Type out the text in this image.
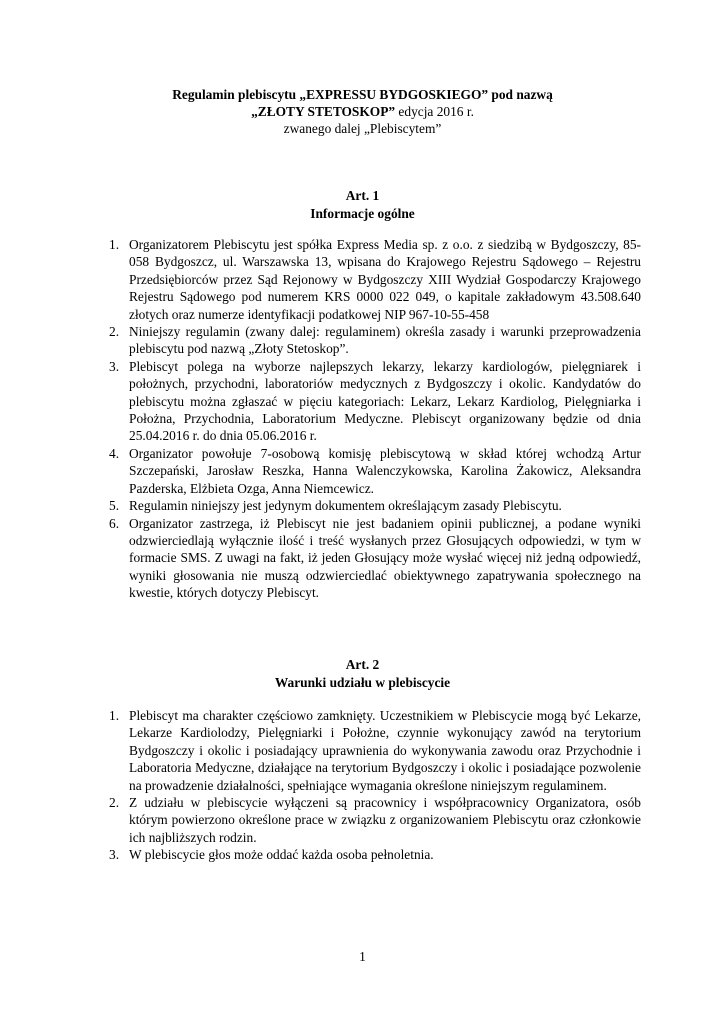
Regulamin plebiscytu „EXPRESSU BYDGOSKIEGO” pod nazwą
„ZŁOTY STETOSKOP” edycja 2016 r.
zwanego dalej „Plebiscytem”
Art. 1
Informacje ogólne
1. Organizatorem Plebiscytu jest spółka Express Media sp. z o.o. z siedzibą w Bydgoszczy, 85-058 Bydgoszcz, ul. Warszawska 13, wpisana do Krajowego Rejestru Sądowego – Rejestru Przedsiębiorców przez Sąd Rejonowy w Bydgoszczy XIII Wydział Gospodarczy Krajowego Rejestru Sądowego pod numerem KRS 0000 022 049, o kapitale zakładowym 43.508.640 złotych oraz numerze identyfikacji podatkowej NIP 967-10-55-458
2. Niniejszy regulamin (zwany dalej: regulaminem) określa zasady i warunki przeprowadzenia plebiscytu pod nazwą „Złoty Stetoskop”.
3. Plebiscyt polega na wyborze najlepszych lekarzy, lekarzy kardiologów, pielęgniarek i położnych, przychodni, laboratoriów medycznych z Bydgoszczy i okolic. Kandydatów do plebiscytu można zgłaszać w pięciu kategoriach: Lekarz, Lekarz Kardiolog, Pielęgniarka i Położna, Przychodnia, Laboratorium Medyczne. Plebiscyt organizowany będzie od dnia 25.04.2016 r. do dnia 05.06.2016 r.
4. Organizator powołuje 7-osobową komisję plebiscytową w skład której wchodzą Artur Szczepański, Jarosław Reszka, Hanna Walenczykowska, Karolina Żakowicz, Aleksandra Pazderska, Elżbieta Ozga, Anna Niemcewicz.
5. Regulamin niniejszy jest jedynym dokumentem określającym zasady Plebiscytu.
6. Organizator zastrzega, iż Plebiscyt nie jest badaniem opinii publicznej, a podane wyniki odzwierciedlają wyłącznie ilość i treść wysłanych przez Głosujących odpowiedzi, w tym w formacie SMS. Z uwagi na fakt, iż jeden Głosujący może wysłać więcej niż jedną odpowiedź, wyniki głosowania nie muszą odzwierciedlać obiektywnego zapatrywania społecznego na kwestie, których dotyczy Plebiscyt.
Art. 2
Warunki udziału w plebiscycie
1. Plebiscyt ma charakter częściowo zamknięty. Uczestnikiem w Plebiscycie mogą być Lekarze, Lekarze Kardiolodzy, Pielęgniarki i Położne, czynnie wykonujący zawód na terytorium Bydgoszczy i okolic i posiadający uprawnienia do wykonywania zawodu oraz Przychodnie i Laboratoria Medyczne, działające na terytorium Bydgoszczy i okolic i posiadające pozwolenie na prowadzenie działalności, spełniające wymagania określone niniejszym regulaminem.
2. Z udziału w plebiscycie wyłączeni są pracownicy i współpracownicy Organizatora, osób którym powierzono określone prace w związku z organizowaniem Plebiscytu oraz członkowie ich najbliższych rodzin.
3. W plebiscycie głos może oddać każda osoba pełnoletnia.
1
